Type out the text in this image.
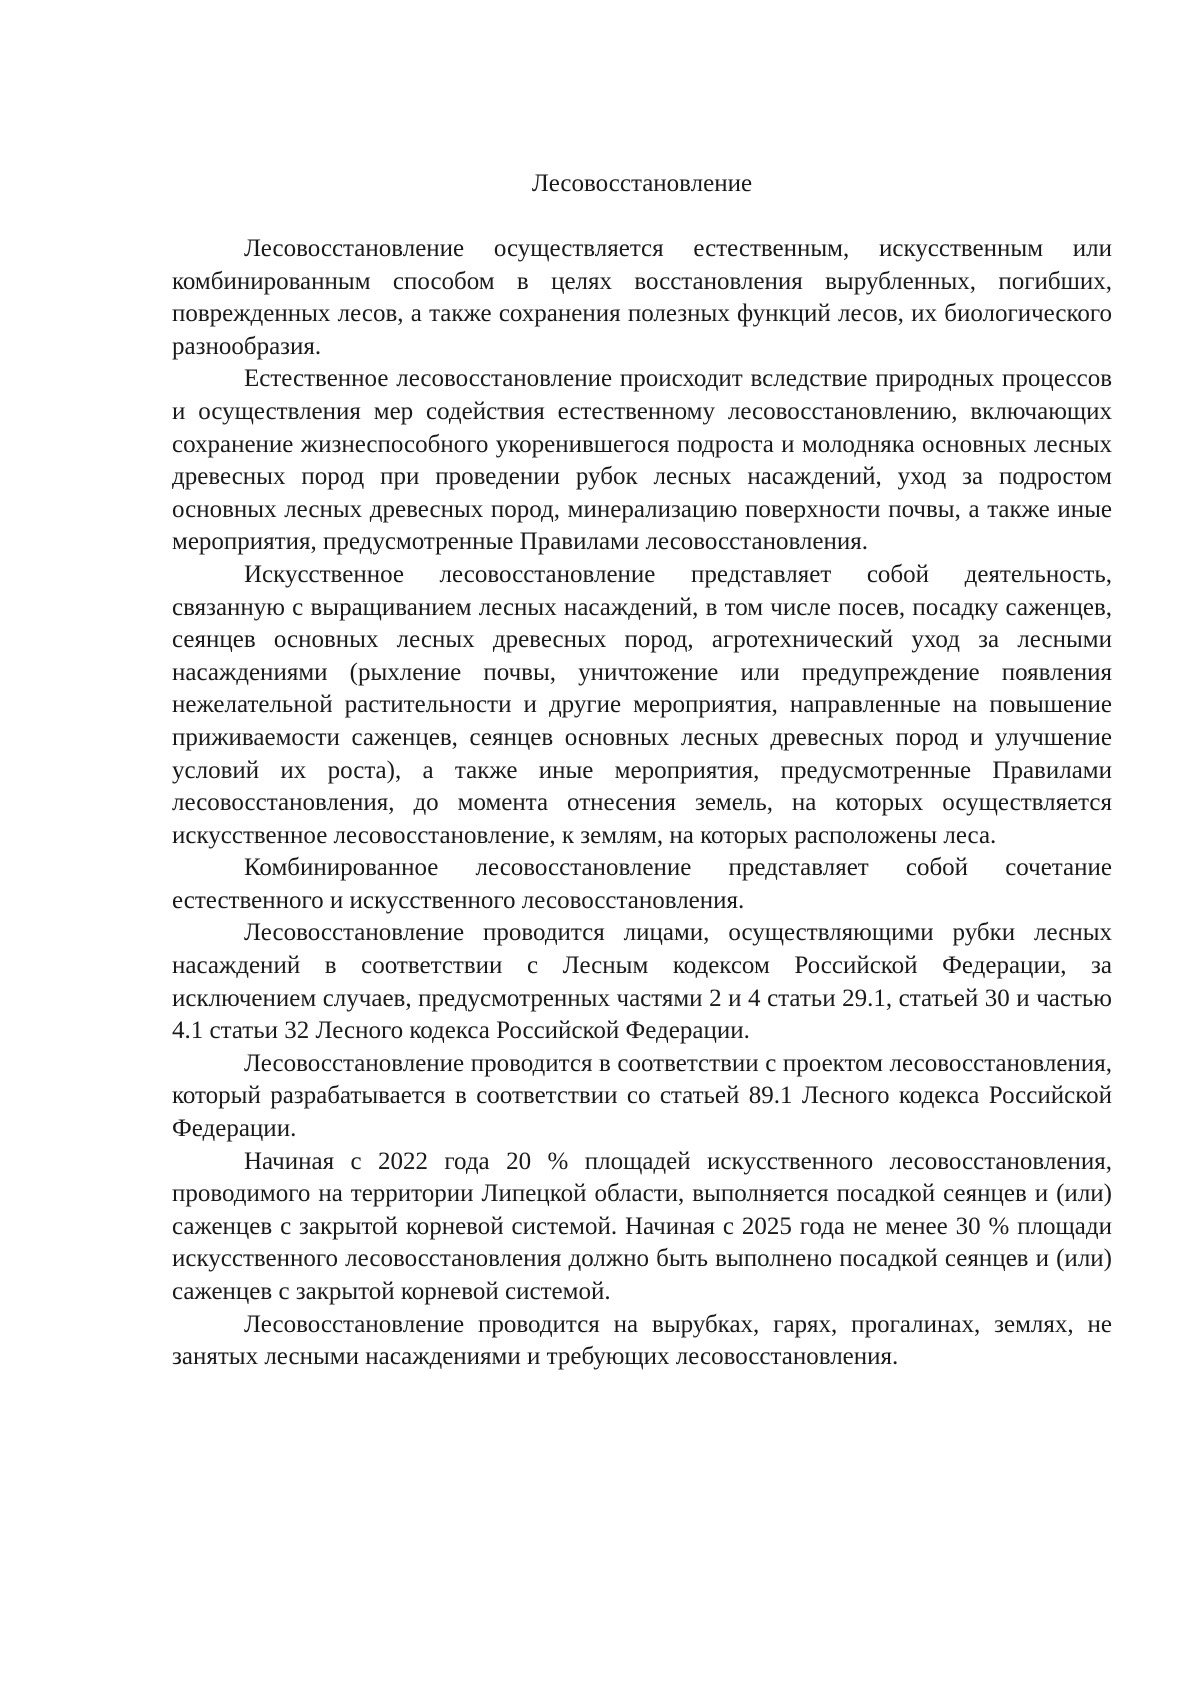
Лесовосстановление

Лесовосстановление осуществляется естественным, искусственным или комбинированным способом в целях восстановления вырубленных, погибших, поврежденных лесов, а также сохранения полезных функций лесов, их биологического разнообразия.

Естественное лесовосстановление происходит вследствие природных процессов и осуществления мер содействия естественному лесовосстановлению, включающих сохранение жизнеспособного укоренившегося подроста и молодняка основных лесных древесных пород при проведении рубок лесных насаждений, уход за подростом основных лесных древесных пород, минерализацию поверхности почвы, а также иные мероприятия, предусмотренные Правилами лесовосстановления.

Искусственное лесовосстановление представляет собой деятельность, связанную с выращиванием лесных насаждений, в том числе посев, посадку саженцев, сеянцев основных лесных древесных пород, агротехнический уход за лесными насаждениями (рыхление почвы, уничтожение или предупреждение появления нежелательной растительности и другие мероприятия, направленные на повышение приживаемости саженцев, сеянцев основных лесных древесных пород и улучшение условий их роста), а также иные мероприятия, предусмотренные Правилами лесовосстановления, до момента отнесения земель, на которых осуществляется искусственное лесовосстановление, к землям, на которых расположены леса.

Комбинированное лесовосстановление представляет собой сочетание естественного и искусственного лесовосстановления.

Лесовосстановление проводится лицами, осуществляющими рубки лесных насаждений в соответствии с Лесным кодексом Российской Федерации, за исключением случаев, предусмотренных частями 2 и 4 статьи 29.1, статьей 30 и частью 4.1 статьи 32 Лесного кодекса Российской Федерации.

Лесовосстановление проводится в соответствии с проектом лесовосстановления, который разрабатывается в соответствии со статьей 89.1 Лесного кодекса Российской Федерации.

Начиная с 2022 года 20 % площадей искусственного лесовосстановления, проводимого на территории Липецкой области, выполняется посадкой сеянцев и (или) саженцев с закрытой корневой системой. Начиная с 2025 года не менее 30 % площади искусственного лесовосстановления должно быть выполнено посадкой сеянцев и (или) саженцев с закрытой корневой системой.

Лесовосстановление проводится на вырубках, гарях, прогалинах, землях, не занятых лесными насаждениями и требующих лесовосстановления.
